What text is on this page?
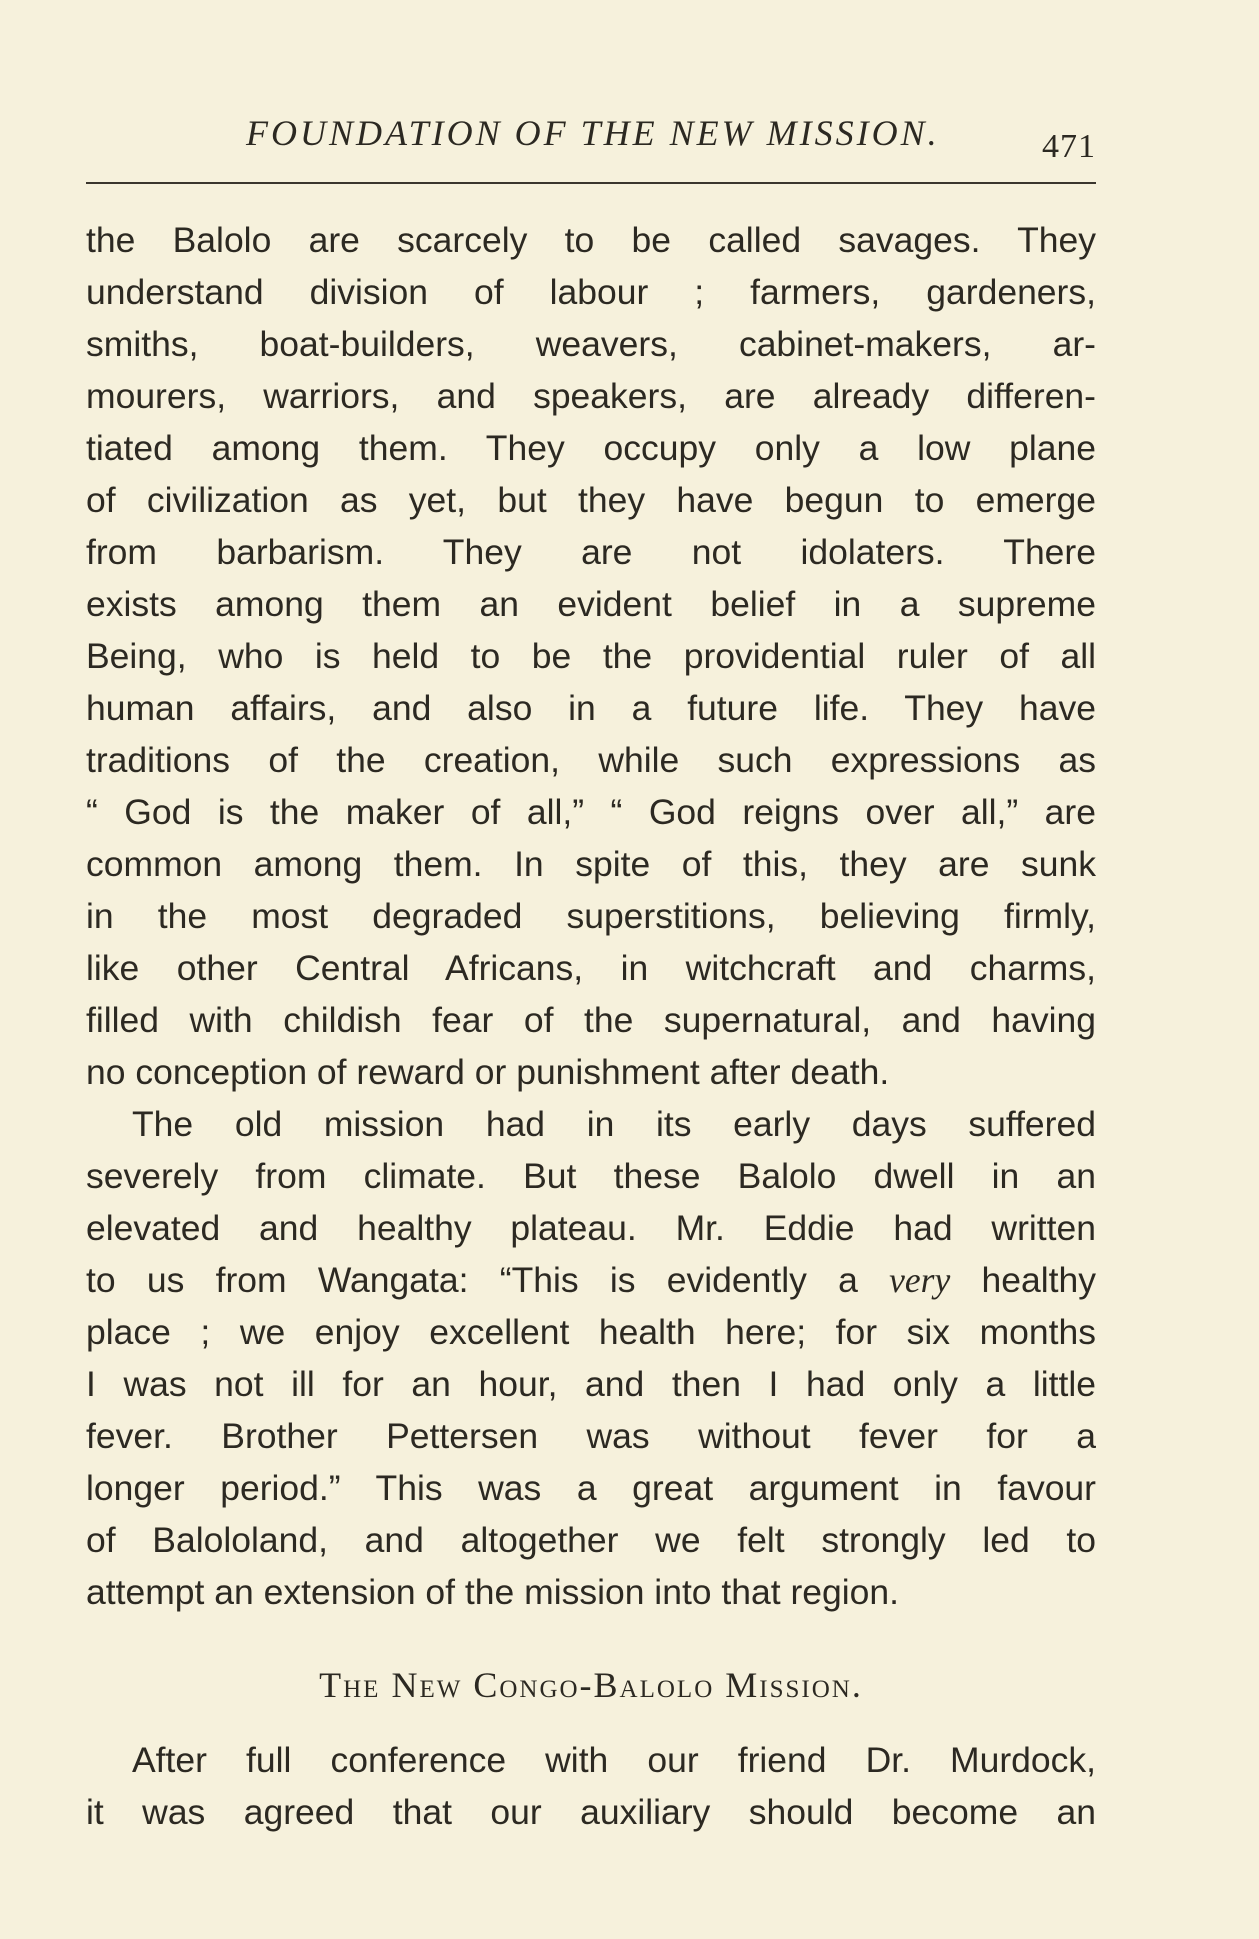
FOUNDATION OF THE NEW MISSION.	471
the Balolo are scarcely to be called savages. They
understand division of labour ; farmers, gardeners,
smiths, boat-builders, weavers, cabinet-makers, ar-
mourers, warriors, and speakers, are already differen-
tiated among them. They occupy only a low plane
of civilization as yet, but they have begun to emerge
from barbarism. They are not idolaters. There
exists among them an evident belief in a supreme
Being, who is held to be the providential ruler of all
human affairs, and also in a future life. They have
traditions of the creation, while such expressions as
“ God is the maker of all,” “ God reigns over all,” are
common among them. In spite of this, they are sunk
in the most degraded superstitions, believing firmly,
like other Central Africans, in witchcraft and charms,
filled with childish fear of the supernatural, and having
no conception of reward or punishment after death.
The old mission had in its early days suffered
severely from climate. But these Balolo dwell in an
elevated and healthy plateau. Mr. Eddie had written
to us from Wangata: “This is evidently a very healthy
place ; we enjoy excellent health here; for six months
I was not ill for an hour, and then I had only a little
fever. Brother Pettersen was without fever for a
longer period.” This was a great argument in favour
of Balololand, and altogether we felt strongly led to
attempt an extension of the mission into that region.
The New Congo-Balolo Mission.
After full conference with our friend Dr. Murdock,
it was agreed that our auxiliary should become an
